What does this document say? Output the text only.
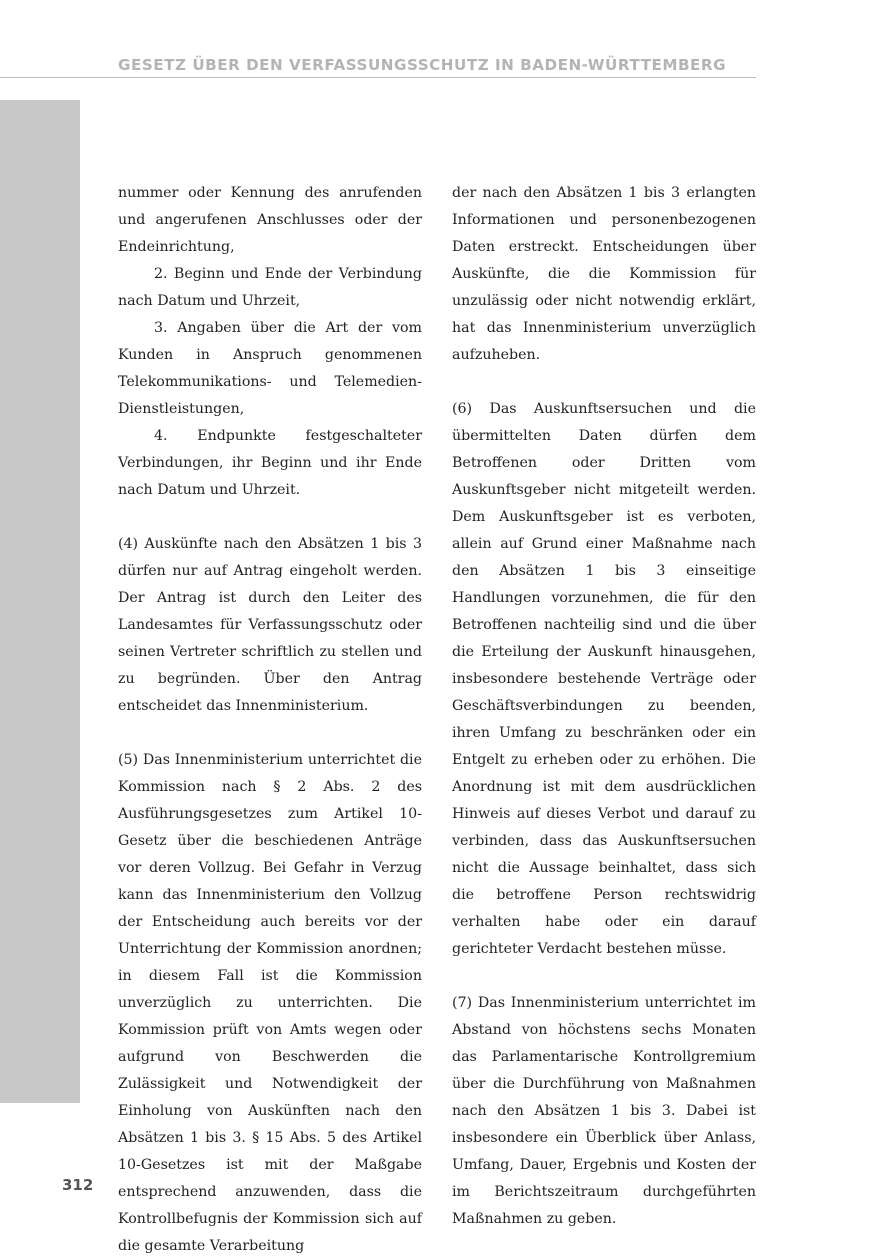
GESETZ ÜBER DEN VERFASSUNGSSCHUTZ IN BADEN-WÜRTTEMBERG

nummer oder Kennung des anrufenden und angerufenen Anschlusses oder der Endeinrichtung,

2. Beginn und Ende der Verbindung nach Datum und Uhrzeit,

3. Angaben über die Art der vom Kunden in Anspruch genommenen Telekommunikations- und Telemedien-Dienstleistungen,

4. Endpunkte festgeschalteter Verbindungen, ihr Beginn und ihr Ende nach Datum und Uhrzeit.

(4) Auskünfte nach den Absätzen 1 bis 3 dürfen nur auf Antrag eingeholt werden. Der Antrag ist durch den Leiter des Landesamtes für Verfassungsschutz oder seinen Vertreter schriftlich zu stellen und zu begründen. Über den Antrag entscheidet das Innenministerium.

(5) Das Innenministerium unterrichtet die Kommission nach § 2 Abs. 2 des Ausführungsgesetzes zum Artikel 10-Gesetz über die beschiedenen Anträge vor deren Vollzug. Bei Gefahr in Verzug kann das Innenministerium den Vollzug der Entscheidung auch bereits vor der Unterrichtung der Kommission anordnen; in diesem Fall ist die Kommission unverzüglich zu unterrichten. Die Kommission prüft von Amts wegen oder aufgrund von Beschwerden die Zulässigkeit und Notwendigkeit der Einholung von Auskünften nach den Absätzen 1 bis 3. § 15 Abs. 5 des Artikel 10-Gesetzes ist mit der Maßgabe entsprechend anzuwenden, dass die Kontrollbefugnis der Kommission sich auf die gesamte Verarbeitung

der nach den Absätzen 1 bis 3 erlangten Informationen und personenbezogenen Daten erstreckt. Entscheidungen über Auskünfte, die die Kommission für unzulässig oder nicht notwendig erklärt, hat das Innenministerium unverzüglich aufzuheben.

(6) Das Auskunftsersuchen und die übermittelten Daten dürfen dem Betroffenen oder Dritten vom Auskunftsgeber nicht mitgeteilt werden. Dem Auskunftsgeber ist es verboten, allein auf Grund einer Maßnahme nach den Absätzen 1 bis 3 einseitige Handlungen vorzunehmen, die für den Betroffenen nachteilig sind und die über die Erteilung der Auskunft hinausgehen, insbesondere bestehende Verträge oder Geschäftsverbindungen zu beenden, ihren Umfang zu beschränken oder ein Entgelt zu erheben oder zu erhöhen. Die Anordnung ist mit dem ausdrücklichen Hinweis auf dieses Verbot und darauf zu verbinden, dass das Auskunftsersuchen nicht die Aussage beinhaltet, dass sich die betroffene Person rechtswidrig verhalten habe oder ein darauf gerichteter Verdacht bestehen müsse.

(7) Das Innenministerium unterrichtet im Abstand von höchstens sechs Monaten das Parlamentarische Kontrollgremium über die Durchführung von Maßnahmen nach den Absätzen 1 bis 3. Dabei ist insbesondere ein Überblick über Anlass, Umfang, Dauer, Ergebnis und Kosten der im Berichtszeitraum durchgeführten Maßnahmen zu geben.

312
